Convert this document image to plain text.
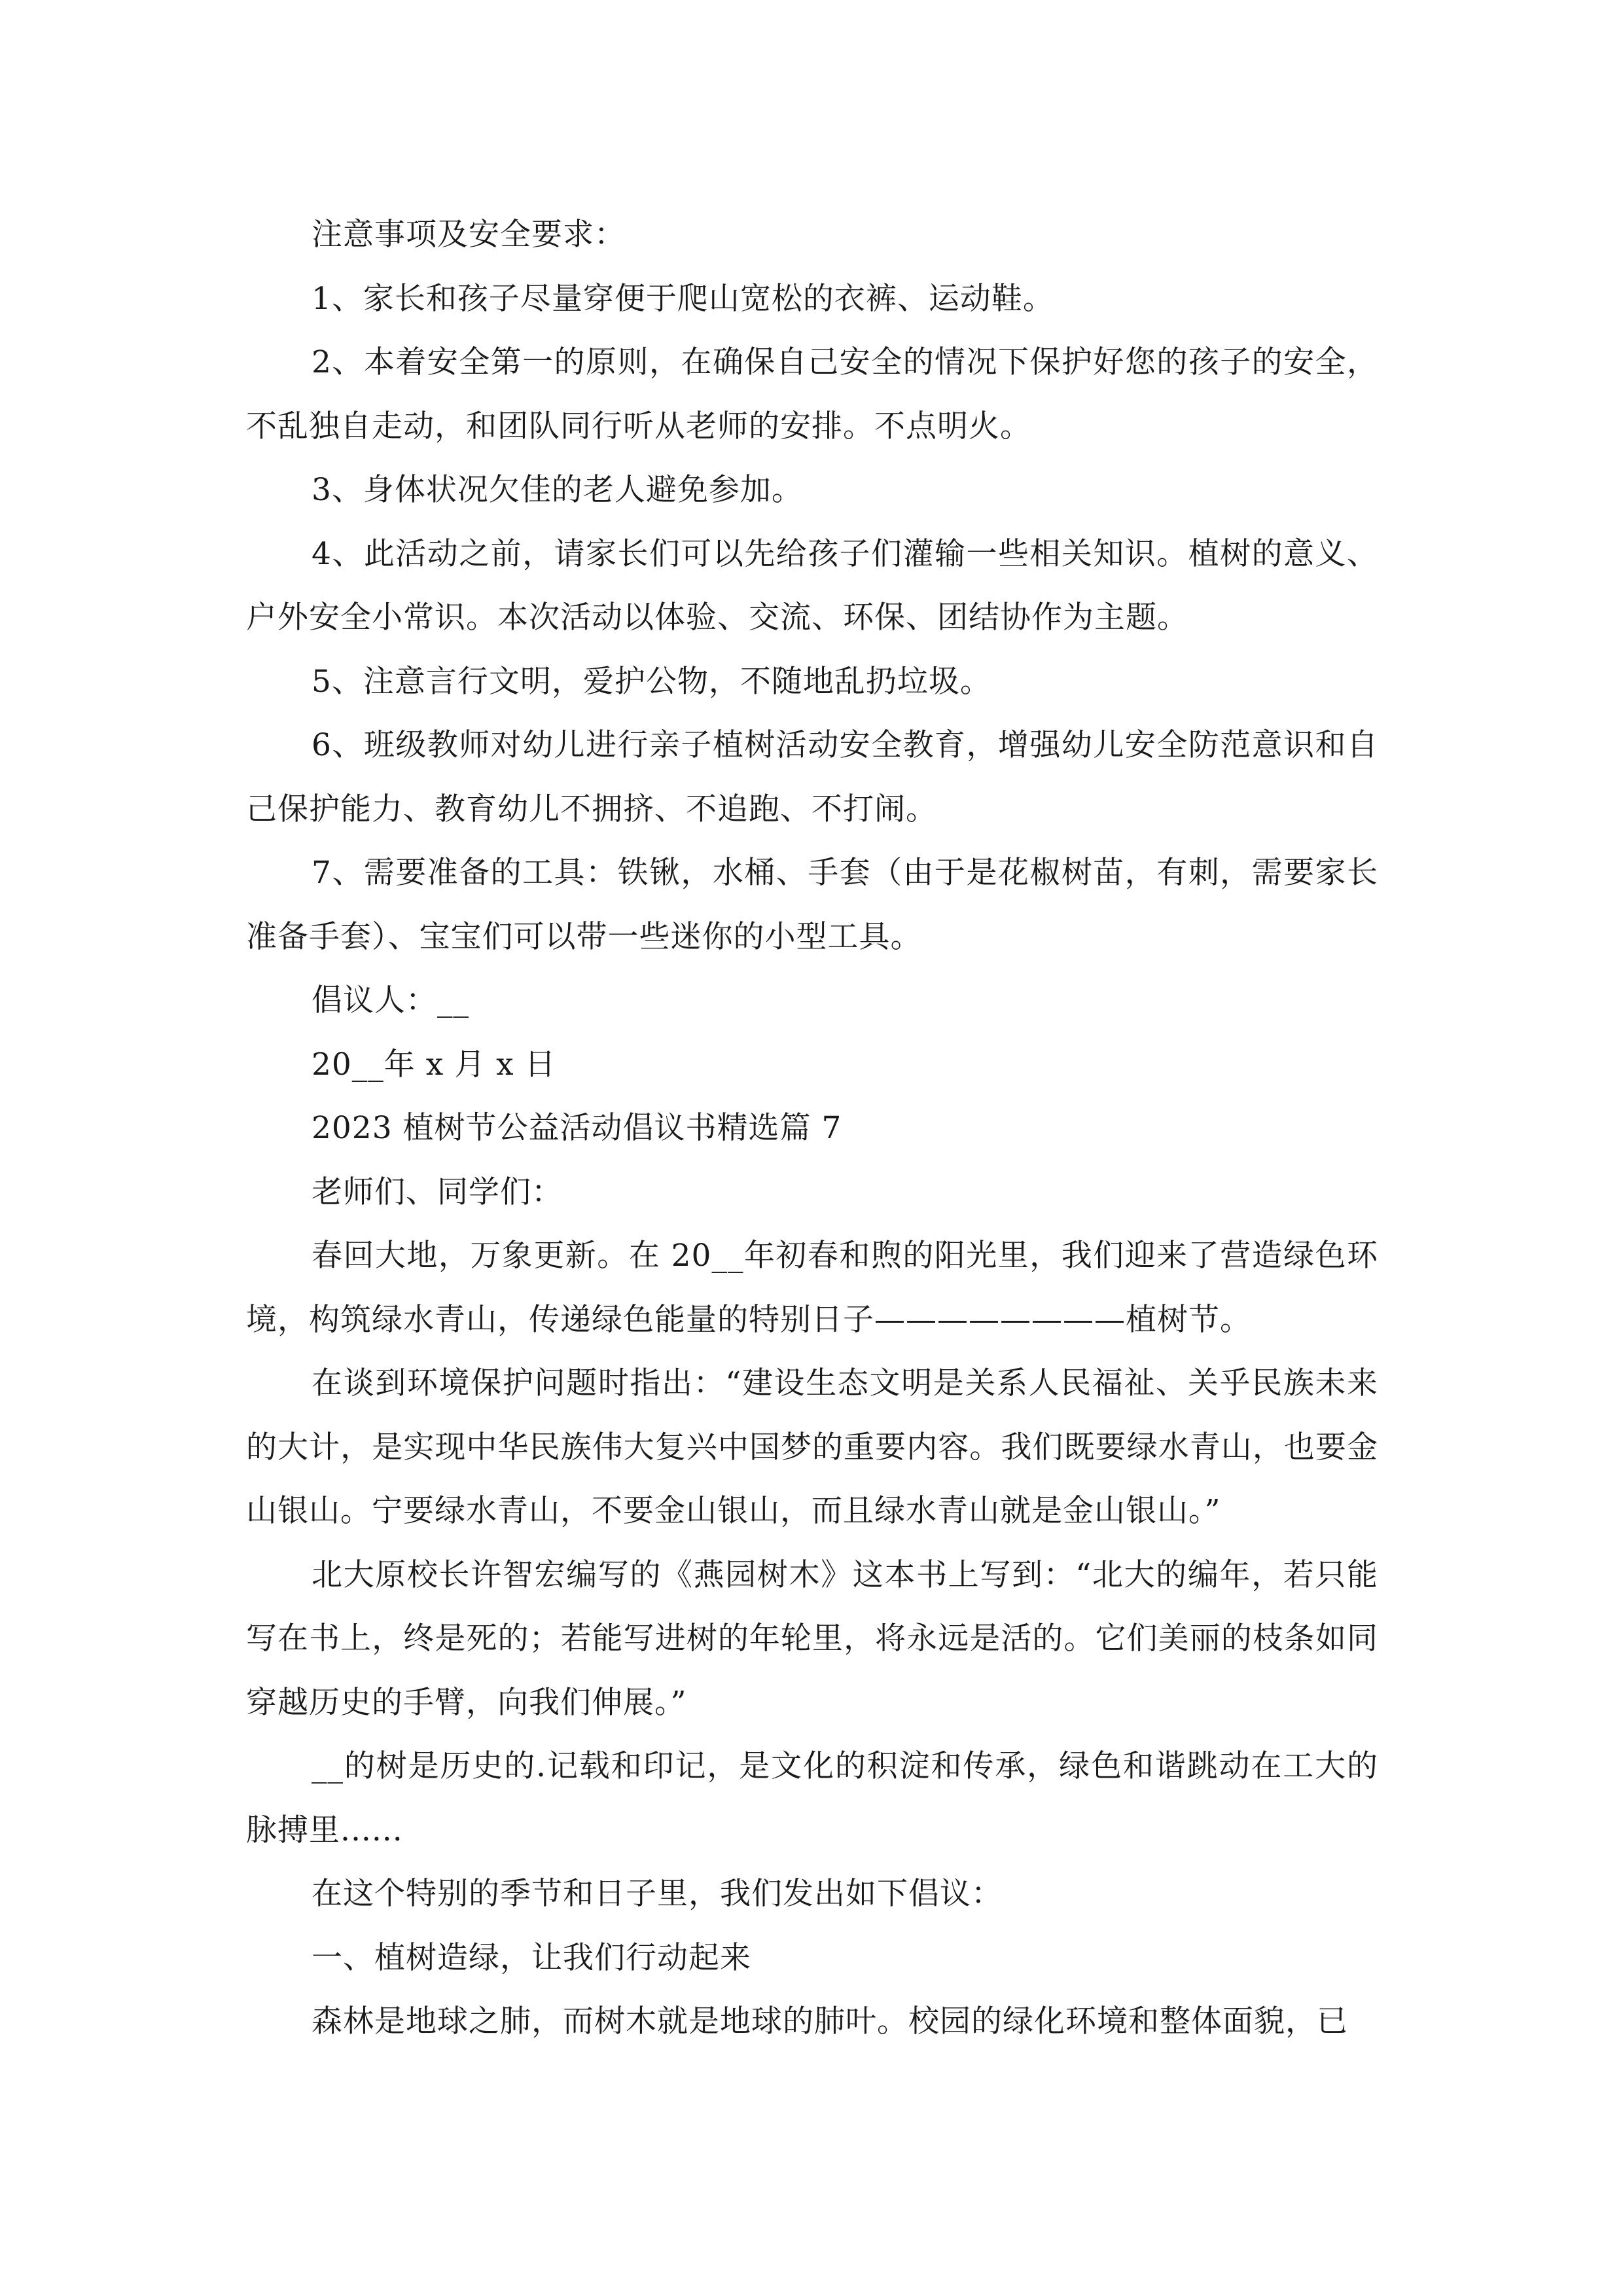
注意事项及安全要求：

1、家长和孩子尽量穿便于爬山宽松的衣裤、运动鞋。

2、本着安全第一的原则，在确保自己安全的情况下保护好您的孩子的安全，不乱独自走动，和团队同行听从老师的安排。不点明火。

3、身体状况欠佳的老人避免参加。

4、此活动之前，请家长们可以先给孩子们灌输一些相关知识。植树的意义、户外安全小常识。本次活动以体验、交流、环保、团结协作为主题。

5、注意言行文明，爱护公物，不随地乱扔垃圾。

6、班级教师对幼儿进行亲子植树活动安全教育，增强幼儿安全防范意识和自己保护能力、教育幼儿不拥挤、不追跑、不打闹。

7、需要准备的工具：铁锹，水桶、手套（由于是花椒树苗，有刺，需要家长准备手套）、宝宝们可以带一些迷你的小型工具。

倡议人：__

20__年 x 月 x 日

2023 植树节公益活动倡议书精选篇 7

老师们、同学们：

春回大地，万象更新。在 20__年初春和煦的阳光里，我们迎来了营造绿色环境，构筑绿水青山，传递绿色能量的特别日子————————植树节。

在谈到环境保护问题时指出：“建设生态文明是关系人民福祉、关乎民族未来的大计，是实现中华民族伟大复兴中国梦的重要内容。我们既要绿水青山，也要金山银山。宁要绿水青山，不要金山银山，而且绿水青山就是金山银山。”

北大原校长许智宏编写的《燕园树木》这本书上写到：“北大的编年，若只能写在书上，终是死的；若能写进树的年轮里，将永远是活的。它们美丽的枝条如同穿越历史的手臂，向我们伸展。”

__的树是历史的.记载和印记，是文化的积淀和传承，绿色和谐跳动在工大的脉搏里......

在这个特别的季节和日子里，我们发出如下倡议：

一、植树造绿，让我们行动起来

森林是地球之肺，而树木就是地球的肺叶。校园的绿化环境和整体面貌，已
